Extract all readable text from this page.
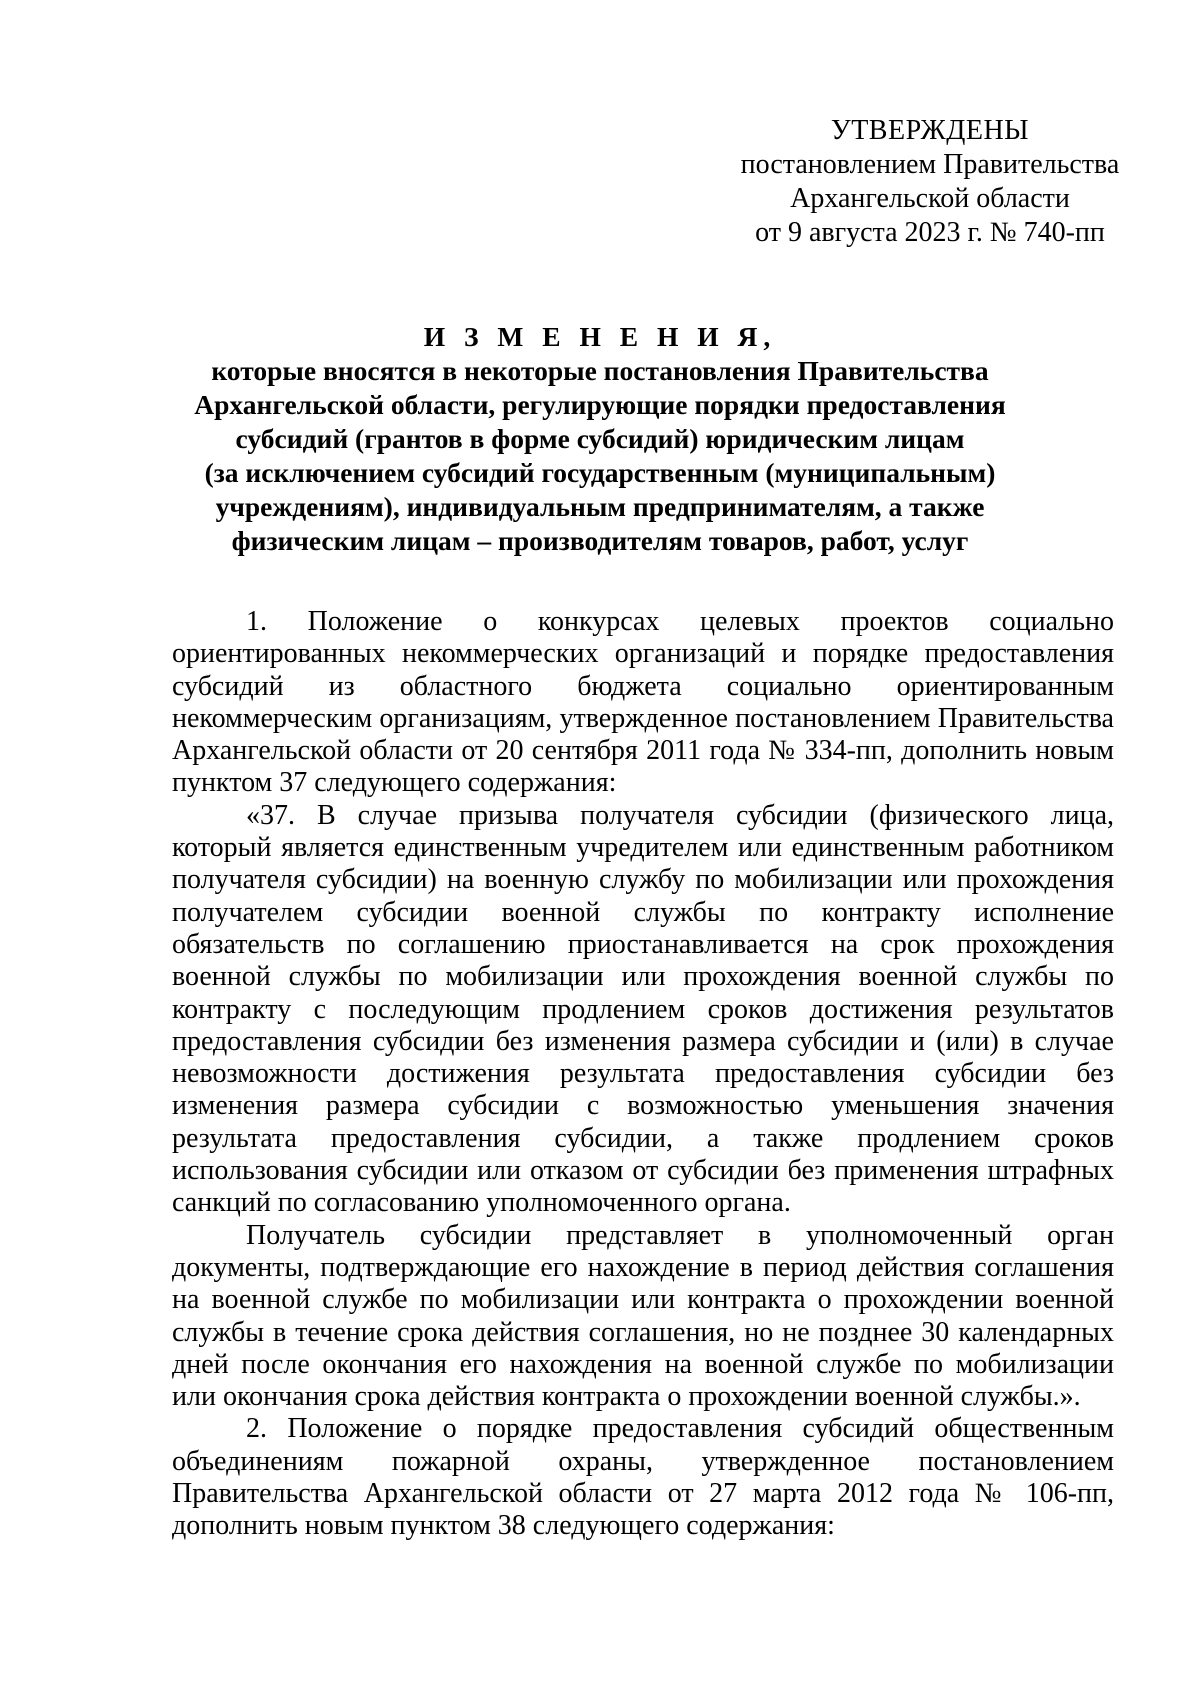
УТВЕРЖДЕНЫ
постановлением Правительства
Архангельской области
от 9 августа 2023 г. № 740-пп
И З М Е Н Е Н И Я,
которые вносятся в некоторые постановления Правительства
Архангельской области, регулирующие порядки предоставления
субсидий (грантов в форме субсидий) юридическим лицам
(за исключением субсидий государственным (муниципальным)
учреждениям), индивидуальным предпринимателям, а также
физическим лицам – производителям товаров, работ, услуг

1. Положение о конкурсах целевых проектов социально ориентированных некоммерческих организаций и порядке предоставления субсидий из областного бюджета социально ориентированным некоммерческим организациям, утвержденное постановлением Правительства Архангельской области от 20 сентября 2011 года № 334-пп, дополнить новым пунктом 37 следующего содержания:

«37. В случае призыва получателя субсидии (физического лица, который является единственным учредителем или единственным работником получателя субсидии) на военную службу по мобилизации или прохождения получателем субсидии военной службы по контракту исполнение обязательств по соглашению приостанавливается на срок прохождения военной службы по мобилизации или прохождения военной службы по контракту с последующим продлением сроков достижения результатов предоставления субсидии без изменения размера субсидии и (или) в случае невозможности достижения результата предоставления субсидии без изменения размера субсидии с возможностью уменьшения значения результата предоставления субсидии, а также продлением сроков использования субсидии или отказом от субсидии без применения штрафных санкций по согласованию уполномоченного органа.

Получатель субсидии представляет в уполномоченный орган документы, подтверждающие его нахождение в период действия соглашения на военной службе по мобилизации или контракта о прохождении военной службы в течение срока действия соглашения, но не позднее 30 календарных дней после окончания его нахождения на военной службе по мобилизации или окончания срока действия контракта о прохождении военной службы.».

2. Положение о порядке предоставления субсидий общественным объединениям пожарной охраны, утвержденное постановлением Правительства Архангельской области от 27 марта 2012 года № 106-пп, дополнить новым пунктом 38 следующего содержания:
